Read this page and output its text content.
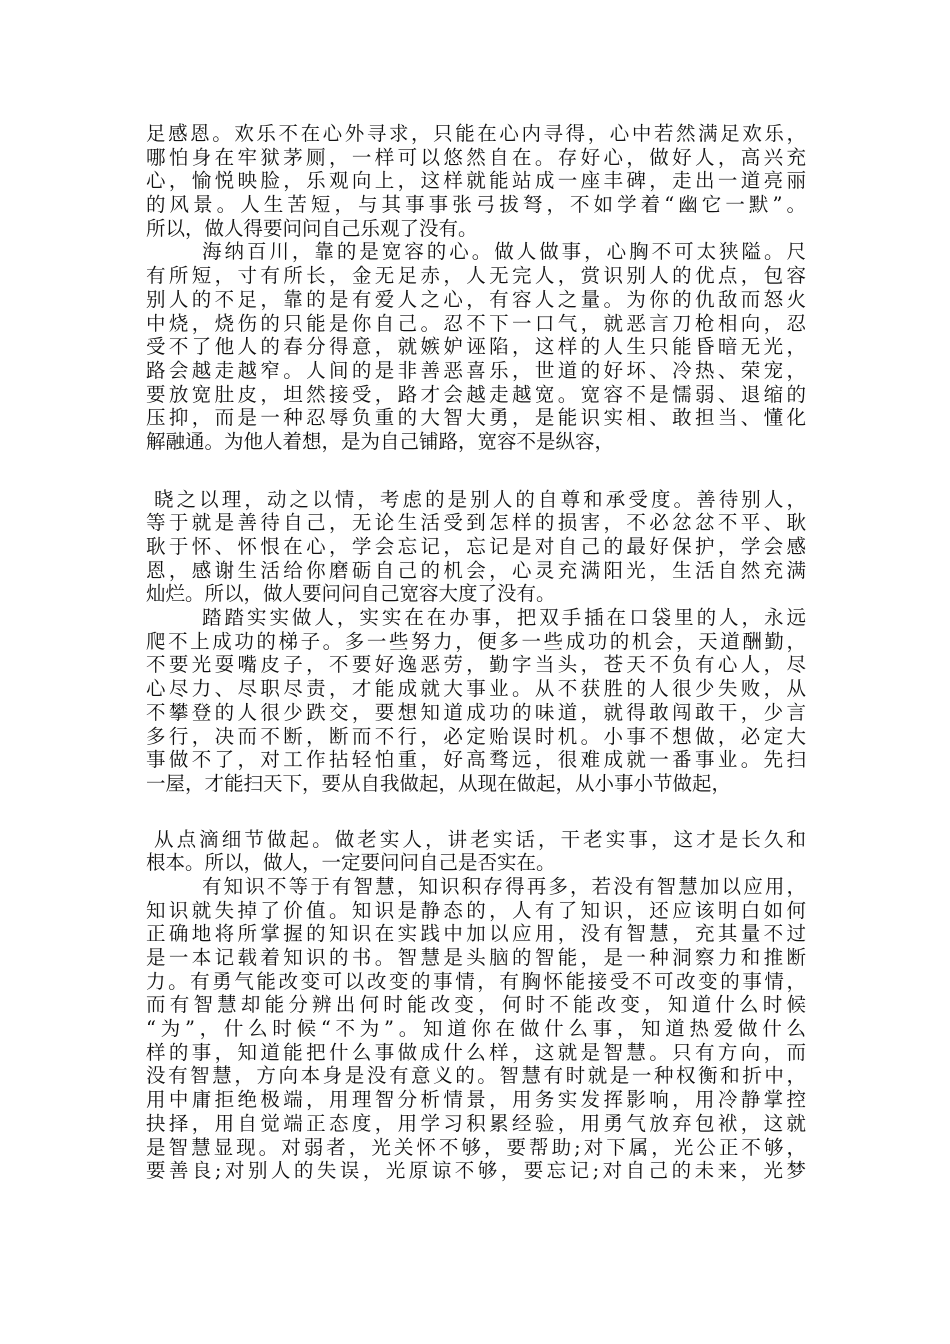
足感恩。欢乐不在心外寻求，只能在心内寻得，心中若然满足欢乐，
哪怕身在牢狱茅厕，一样可以悠然自在。存好心，做好人，高兴充
心，愉悦映脸，乐观向上，这样就能站成一座丰碑，走出一道亮丽
的风景。人生苦短，与其事事张弓拔弩，不如学着“幽它一默”。
所以，做人得要问问自己乐观了没有。
海纳百川，靠的是宽容的心。做人做事，心胸不可太狭隘。尺
有所短，寸有所长，金无足赤，人无完人，赏识别人的优点，包容
别人的不足，靠的是有爱人之心，有容人之量。为你的仇敌而怒火
中烧，烧伤的只能是你自己。忍不下一口气，就恶言刀枪相向，忍
受不了他人的春分得意，就嫉妒诬陷，这样的人生只能昏暗无光，
路会越走越窄。人间的是非善恶喜乐，世道的好坏、冷热、荣宠，
要放宽肚皮，坦然接受，路才会越走越宽。宽容不是懦弱、退缩的
压抑，而是一种忍辱负重的大智大勇，是能识实相、敢担当、懂化
解融通。为他人着想，是为自己铺路，宽容不是纵容，
晓之以理，动之以情，考虑的是别人的自尊和承受度。善待别人，
等于就是善待自己，无论生活受到怎样的损害，不必忿忿不平、耿
耿于怀、怀恨在心，学会忘记，忘记是对自己的最好保护，学会感
恩，感谢生活给你磨砺自己的机会，心灵充满阳光，生活自然充满
灿烂。所以，做人要问问自己宽容大度了没有。
踏踏实实做人，实实在在办事，把双手插在口袋里的人，永远
爬不上成功的梯子。多一些努力，便多一些成功的机会，天道酬勤，
不要光耍嘴皮子，不要好逸恶劳，勤字当头，苍天不负有心人，尽
心尽力、尽职尽责，才能成就大事业。从不获胜的人很少失败，从
不攀登的人很少跌交，要想知道成功的味道，就得敢闯敢干，少言
多行，决而不断，断而不行，必定贻误时机。小事不想做，必定大
事做不了，对工作拈轻怕重，好高骛远，很难成就一番事业。先扫
一屋，才能扫天下，要从自我做起，从现在做起，从小事小节做起，
从点滴细节做起。做老实人，讲老实话，干老实事，这才是长久和
根本。所以，做人，一定要问问自己是否实在。
有知识不等于有智慧，知识积存得再多，若没有智慧加以应用，
知识就失掉了价值。知识是静态的，人有了知识，还应该明白如何
正确地将所掌握的知识在实践中加以应用，没有智慧，充其量不过
是一本记载着知识的书。智慧是头脑的智能，是一种洞察力和推断
力。有勇气能改变可以改变的事情，有胸怀能接受不可改变的事情，
而有智慧却能分辨出何时能改变，何时不能改变，知道什么时候
“为”，什么时候“不为”。知道你在做什么事，知道热爱做什么
样的事，知道能把什么事做成什么样，这就是智慧。只有方向，而
没有智慧，方向本身是没有意义的。智慧有时就是一种权衡和折中，
用中庸拒绝极端，用理智分析情景，用务实发挥影响，用冷静掌控
抉择，用自觉端正态度，用学习积累经验，用勇气放弃包袱，这就
是智慧显现。对弱者，光关怀不够，要帮助;对下属，光公正不够，
要善良;对别人的失误，光原谅不够，要忘记;对自己的未来，光梦
